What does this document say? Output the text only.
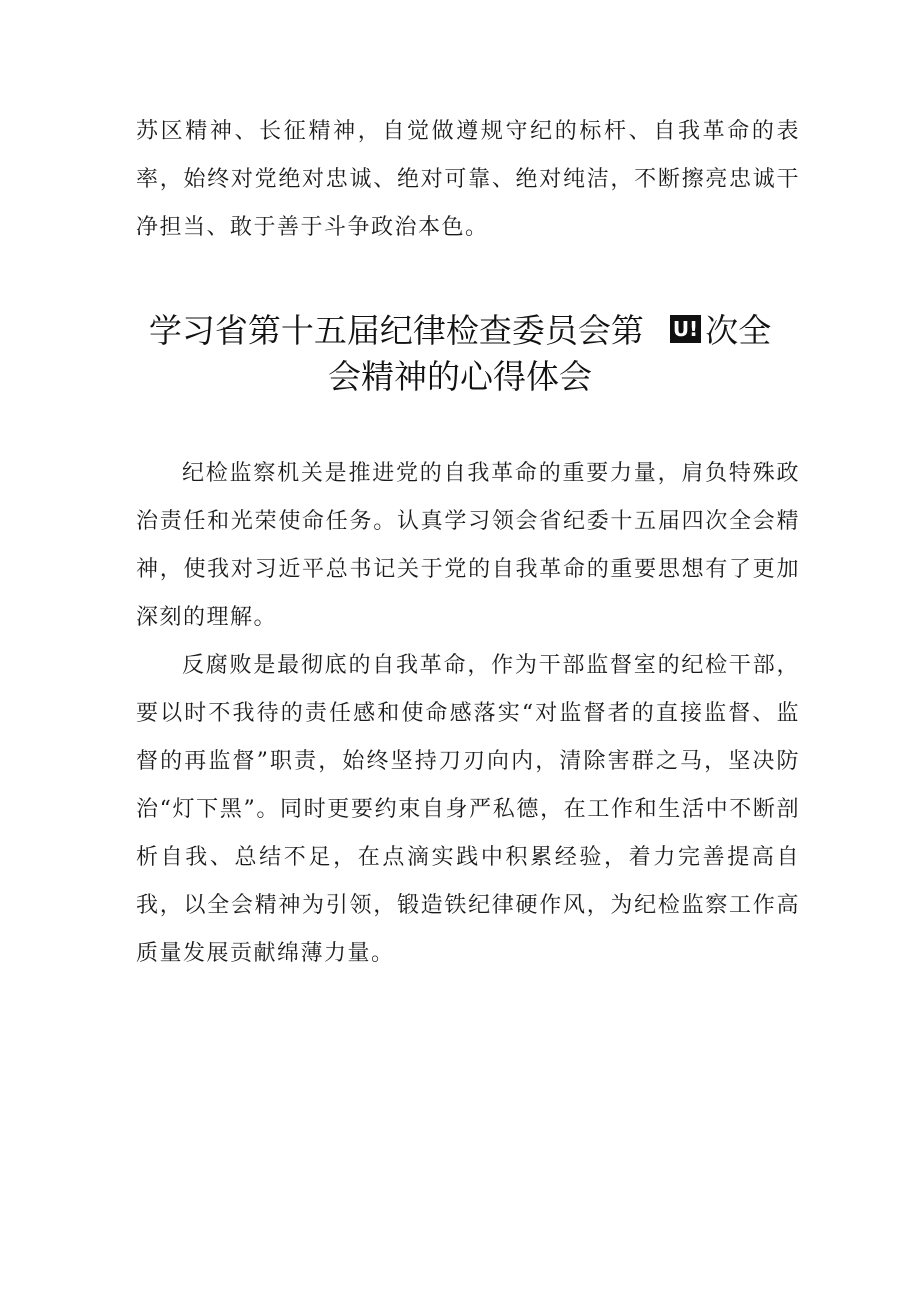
苏区精神、长征精神，自觉做遵规守纪的标杆、自我革命的表率，始终对党绝对忠诚、绝对可靠、绝对纯洁，不断擦亮忠诚干净担当、敢于善于斗争政治本色。
学习省第十五届纪律检查委员会第 U! 次全
会精神的心得体会

纪检监察机关是推进党的自我革命的重要力量，肩负特殊政治责任和光荣使命任务。认真学习领会省纪委十五届四次全会精神，使我对习近平总书记关于党的自我革命的重要思想有了更加深刻的理解。

反腐败是最彻底的自我革命，作为干部监督室的纪检干部，要以时不我待的责任感和使命感落实“对监督者的直接监督、监督的再监督”职责，始终坚持刀刃向内，清除害群之马，坚决防治“灯下黑”。同时更要约束自身严私德，在工作和生活中不断剖析自我、总结不足，在点滴实践中积累经验，着力完善提高自我，以全会精神为引领，锻造铁纪律硬作风，为纪检监察工作高质量发展贡献绵薄力量。
